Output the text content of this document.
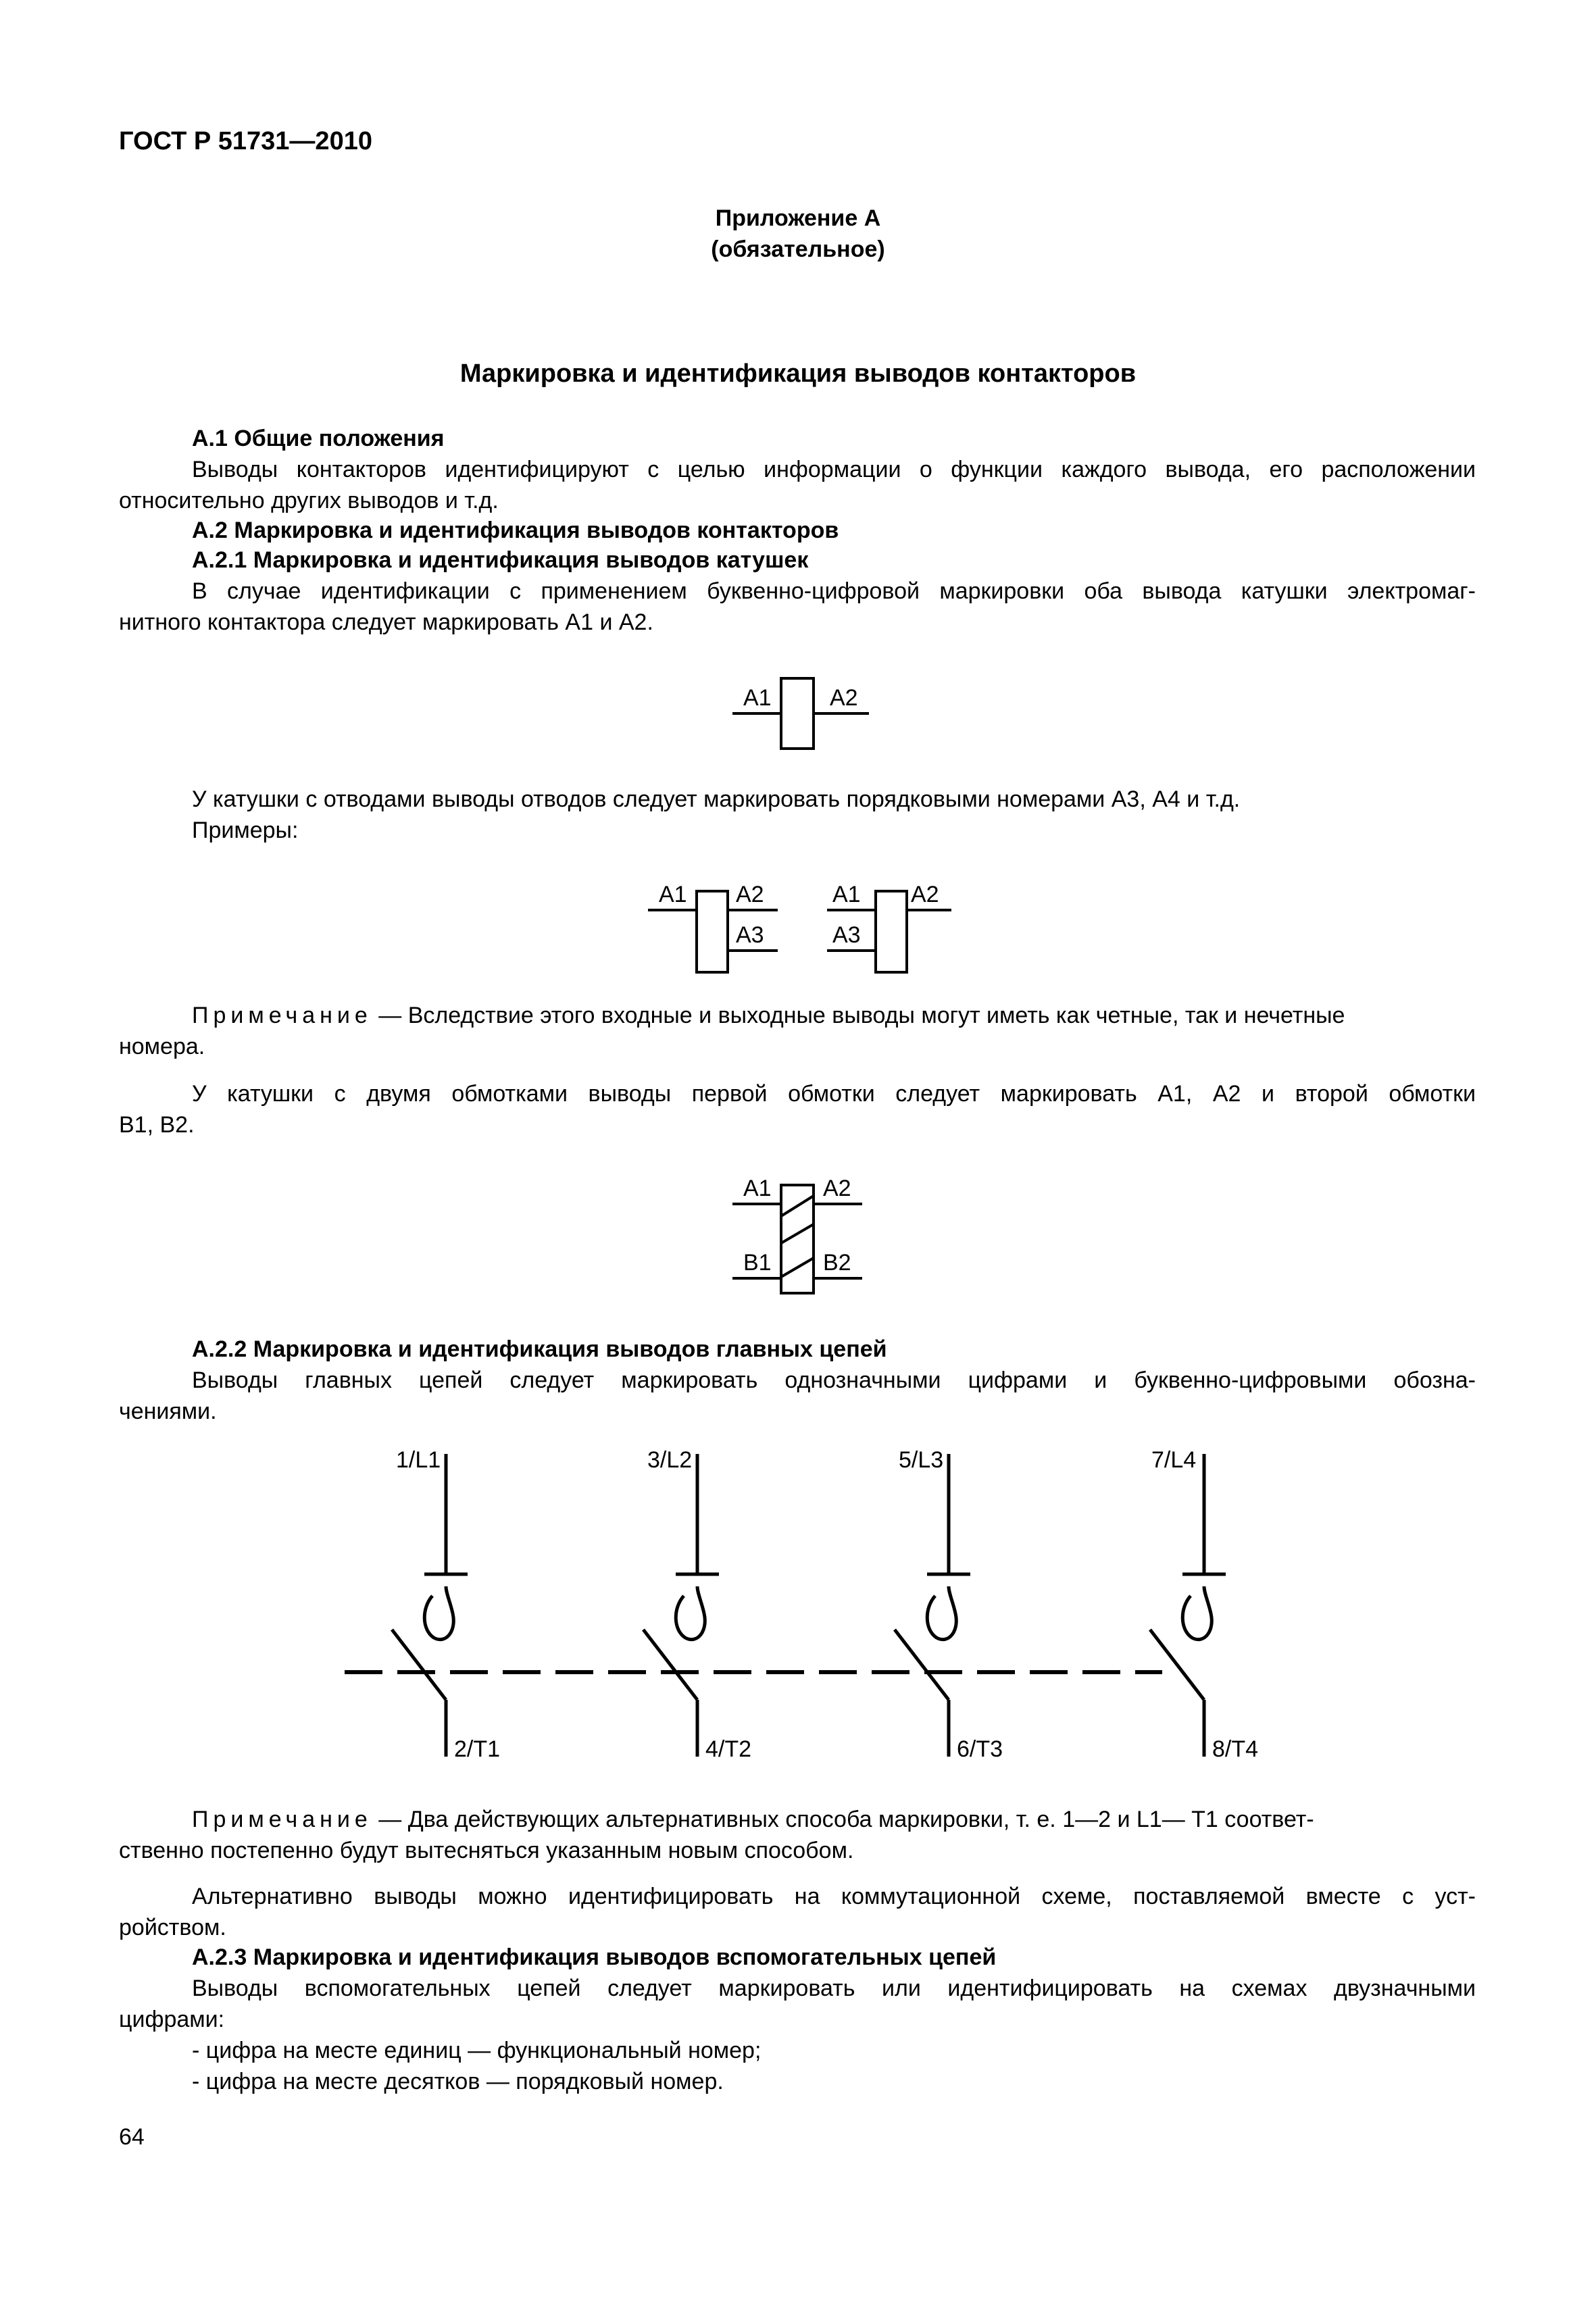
ГОСТ Р 51731—2010
Приложение А
(обязательное)
Маркировка и идентификация выводов контакторов
А.1 Общие положения
Выводы контакторов идентифицируют с целью информации о функции каждого вывода, его расположении
относительно других выводов и т.д.
А.2 Маркировка и идентификация выводов контакторов
А.2.1 Маркировка и идентификация выводов катушек
В случае идентификации с применением буквенно-цифровой маркировки оба вывода катушки электромаг-
нитного контактора следует маркировать А1 и А2.
A1	A2
У катушки с отводами выводы отводов следует маркировать порядковыми номерами А3, А4 и т.д.
Примеры:
A1 A2
A3
A1 A2
A3
Примечание — Вследствие этого входные и выходные выводы могут иметь как четные, так и нечетные
номера.
У катушки с двумя обмотками выводы первой обмотки следует маркировать А1, А2 и второй обмотки
В1, В2.
A1 A2
B1 B2
А.2.2 Маркировка и идентификация выводов главных цепей
Выводы главных цепей следует маркировать однозначными цифрами и буквенно-цифровыми обозна-
чениями.
1/L1
2/T1
3/L2
4/T2
5/L3
6/T3
7/L4
8/T4
Примечание — Два действующих альтернативных способа маркировки, т. е. 1—2 и L1— Т1 соответ-
ственно постепенно будут вытесняться указанным новым способом.
Альтернативно выводы можно идентифицировать на коммутационной схеме, поставляемой вместе с уст-
ройством.
А.2.3 Маркировка и идентификация выводов вспомогательных цепей
Выводы вспомогательных цепей следует маркировать или идентифицировать на схемах двузначными
цифрами:
- цифра на месте единиц — функциональный номер;
- цифра на месте десятков — порядковый номер.
64
